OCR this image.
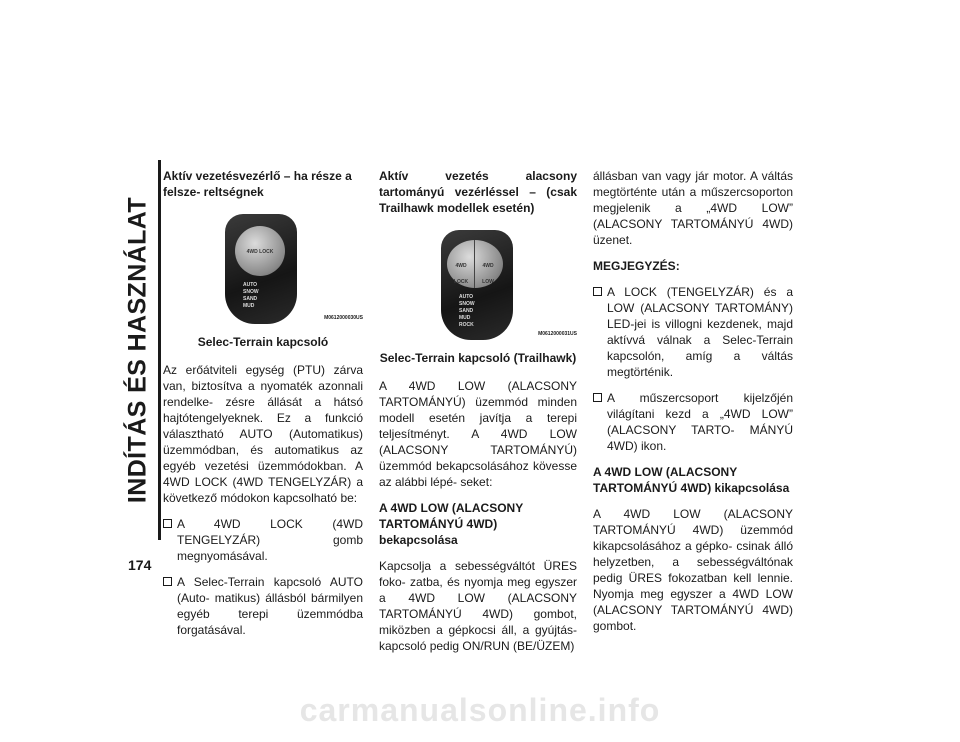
INDÍTÁS ÉS HASZNÁLAT
174

Aktív vezetésvezérlő – ha része a felsze- reltségnek

4WD LOCK
AUTO
SNOW
SAND
MUD
M0612000030US

Selec-Terrain kapcsoló

Az erőátviteli egység (PTU) zárva van, biztosítva a nyomaték azonnali rendelke- zésre állását a hátsó hajtótengelyeknek. Ez a funkció választható AUTO (Automatikus) üzemmódban, és automatikus az egyéb vezetési üzemmódokban. A 4WD LOCK (4WD TENGELYZÁR) a következő módokon kapcsolható be:

A 4WD LOCK (4WD TENGELYZÁR) gomb megnyomásával.
A Selec-Terrain kapcsoló AUTO (Auto- matikus) állásból bármilyen egyéb terepi üzemmódba forgatásával.

Aktív vezetés alacsony tartományú vezérléssel – (csak Trailhawk modellek esetén)

4WD LOCK
4WD LOW
AUTO
SNOW
SAND
MUD
ROCK
M0612000031US

Selec-Terrain kapcsoló (Trailhawk)

A 4WD LOW (ALACSONY TARTOMÁNYÚ) üzemmód minden modell esetén javítja a terepi teljesítményt. A 4WD LOW (ALACSONY TARTOMÁNYÚ) üzemmód bekapcsolásához kövesse az alábbi lépé- seket:

A 4WD LOW (ALACSONY TARTOMÁNYÚ 4WD) bekapcsolása

Kapcsolja a sebességváltót ÜRES foko- zatba, és nyomja meg egyszer a 4WD LOW (ALACSONY TARTOMÁNYÚ 4WD) gombot, miközben a gépkocsi áll, a gyújtás- kapcsoló pedig ON/RUN (BE/ÜZEM)

állásban van vagy jár motor. A váltás megtörténte után a műszercsoporton megjelenik a „4WD LOW” (ALACSONY TARTOMÁNYÚ 4WD) üzenet.

MEGJEGYZÉS:

A LOCK (TENGELYZÁR) és a LOW (ALACSONY TARTOMÁNY) LED-jei is villogni kezdenek, majd aktívvá válnak a Selec-Terrain kapcsolón, amíg a váltás megtörténik.
A műszercsoport kijelzőjén világítani kezd a „4WD LOW” (ALACSONY TARTO- MÁNYÚ 4WD) ikon.

A 4WD LOW (ALACSONY TARTOMÁNYÚ 4WD) kikapcsolása

A 4WD LOW (ALACSONY TARTOMÁNYÚ 4WD) üzemmód kikapcsolásához a gépko- csinak álló helyzetben, a sebességváltónak pedig ÜRES fokozatban kell lennie. Nyomja meg egyszer a 4WD LOW (ALACSONY TARTOMÁNYÚ 4WD) gombot.

carmanualsonline.info
